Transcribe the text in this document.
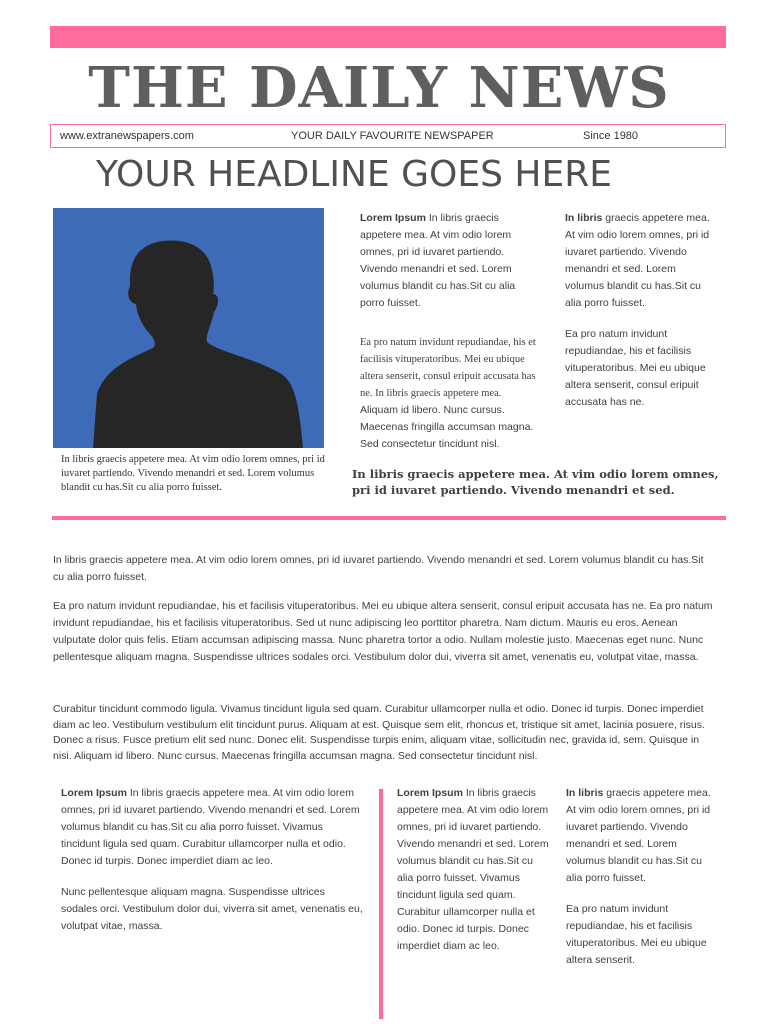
THE DAILY NEWS
www.extranewspapers.com	YOUR DAILY FAVOURITE NEWSPAPER	Since 1980
YOUR HEADLINE GOES HERE
In libris graecis appetere mea. At vim odio lorem omnes, pri id iuvaret partiendo. Vivendo menandri et sed. Lorem volumus blandit cu has.Sit cu alia porro fuisset.

Lorem Ipsum In libris graecis appetere mea. At vim odio lorem omnes, pri id iuvaret partiendo. Vivendo menandri et sed. Lorem volumus blandit cu has.Sit cu alia porro fuisset.

Ea pro natum invidunt repudiandae, his et facilisis vituperatoribus. Mei eu ubique altera senserit, consul eripuit accusata has ne. In libris graecis appetere mea. Aliquam id libero. Nunc cursus. Maecenas fringilla accumsan magna. Sed consectetur tincidunt nisl.

In libris graecis appetere mea. At vim odio lorem omnes, pri id iuvaret partiendo. Vivendo menandri et sed. Lorem volumus blandit cu has.Sit cu alia porro fuisset.

Ea pro natum invidunt repudiandae, his et facilisis vituperatoribus. Mei eu ubique altera senserit, consul eripuit accusata has ne.

In libris graecis appetere mea. At vim odio lorem omnes, pri id iuvaret partiendo. Vivendo menandri et sed.

In libris graecis appetere mea. At vim odio lorem omnes, pri id iuvaret partiendo. Vivendo menandri et sed. Lorem volumus blandit cu has.Sit cu alia porro fuisset.

Ea pro natum invidunt repudiandae, his et facilisis vituperatoribus. Mei eu ubique altera senserit, consul eripuit accusata has ne. Ea pro natum invidunt repudiandae, his et facilisis vituperatoribus. Sed ut nunc adipiscing leo porttitor pharetra. Nam dictum. Mauris eu eros. Aenean vulputate dolor quis felis. Etiam accumsan adipiscing massa. Nunc pharetra tortor a odio. Nullam molestie justo. Maecenas eget nunc. Nunc pellentesque aliquam magna. Suspendisse ultrices sodales orci. Vestibulum dolor dui, viverra sit amet, venenatis eu, volutpat vitae, massa.

Curabitur tincidunt commodo ligula. Vivamus tincidunt ligula sed quam. Curabitur ullamcorper nulla et odio. Donec id turpis. Donec imperdiet diam ac leo. Vestibulum vestibulum elit tincidunt purus. Aliquam at est. Quisque sem elit, rhoncus et, tristique sit amet, lacinia posuere, risus. Donec a risus. Fusce pretium elit sed nunc. Donec elit. Suspendisse turpis enim, aliquam vitae, sollicitudin nec, gravida id, sem. Quisque in nisi. Aliquam id libero. Nunc cursus. Maecenas fringilla accumsan magna. Sed consectetur tincidunt nisl.

Lorem Ipsum In libris graecis appetere mea. At vim odio lorem omnes, pri id iuvaret partiendo. Vivendo menandri et sed. Lorem volumus blandit cu has.Sit cu alia porro fuisset. Vivamus tincidunt ligula sed quam. Curabitur ullamcorper nulla et odio. Donec id turpis. Donec imperdiet diam ac leo.

Nunc pellentesque aliquam magna. Suspendisse ultrices sodales orci. Vestibulum dolor dui, viverra sit amet, venenatis eu, volutpat vitae, massa.

Lorem Ipsum In libris graecis appetere mea. At vim odio lorem omnes, pri id iuvaret partiendo. Vivendo menandri et sed. Lorem volumus blandit cu has.Sit cu alia porro fuisset. Vivamus tincidunt ligula sed quam. Curabitur ullamcorper nulla et odio. Donec id turpis. Donec imperdiet diam ac leo.

In libris graecis appetere mea. At vim odio lorem omnes, pri id iuvaret partiendo. Vivendo menandri et sed. Lorem volumus blandit cu has.Sit cu alia porro fuisset.

Ea pro natum invidunt repudiandae, his et facilisis vituperatoribus. Mei eu ubique altera senserit.
